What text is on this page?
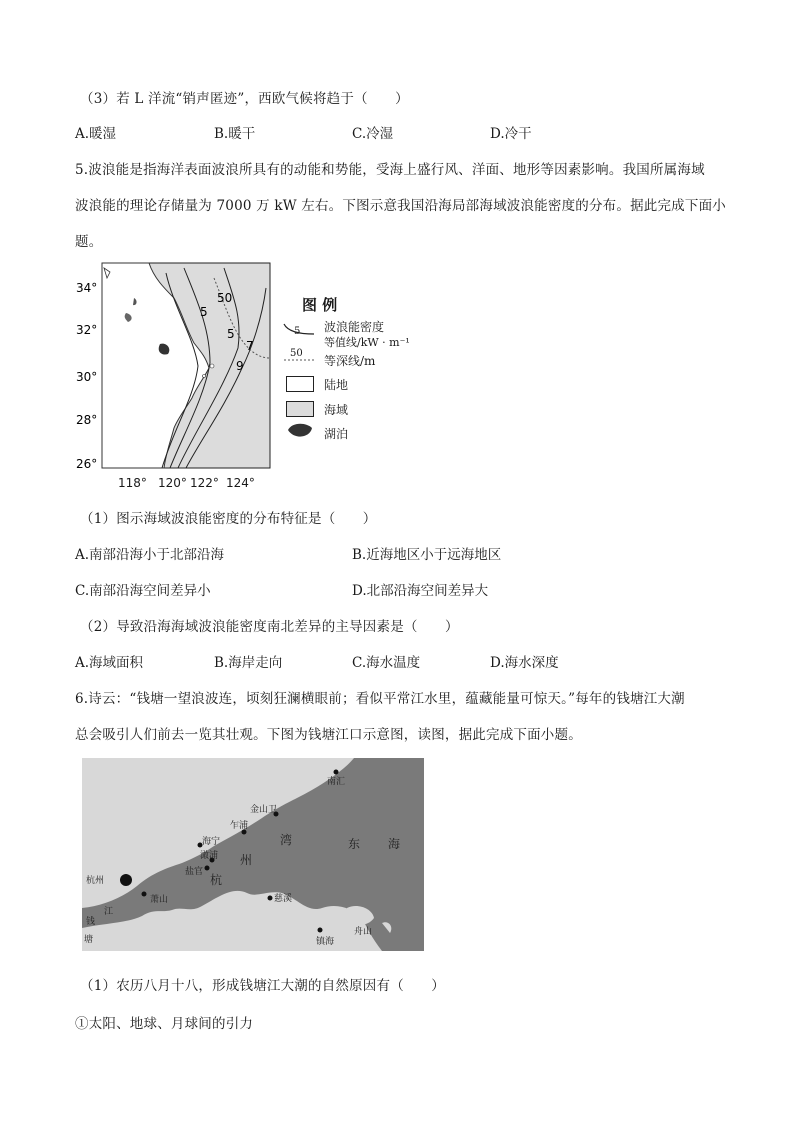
（3）若 L 洋流“销声匿迹”，西欧气候将趋于（　　）
A.暖湿	B.暖干	C.冷湿	D.冷干
5.波浪能是指海洋表面波浪所具有的动能和势能，受海上盛行风、洋面、地形等因素影响。我国所属海域
波浪能的理论存储量为 7000 万 kW 左右。下图示意我国沿海局部海域波浪能密度的分布。据此完成下面小
题。
50
5
5
7
9
34°
32°
30°
28°
26°
118° 120° 122° 124°
图 例
5 波浪能密度
等值线/kW · m⁻¹
50
等深线/m
陆地
海域
湖泊
（1）图示海域波浪能密度的分布特征是（　　）
A.南部沿海小于北部沿海	B.近海地区小于远海地区
C.南部沿海空间差异小	D.北部沿海空间差异大
（2）导致沿海海域波浪能密度南北差异的主导因素是（　　）
A.海域面积	B.海岸走向	C.海水温度	D.海水深度
6.诗云：“钱塘一望浪波连，顷刻狂澜横眼前；看似平常江水里，蕴藏能量可惊天。”每年的钱塘江大潮
总会吸引人们前去一览其壮观。下图为钱塘江口示意图，读图，据此完成下面小题。
南汇
金山卫
乍浦
海宁
澉浦
盐官
杭州
萧山	慈溪
镇海
舟山
东 海
杭
州
湾
钱
塘
江
（1）农历八月十八，形成钱塘江大潮的自然原因有（　　）
①太阳、地球、月球间的引力
